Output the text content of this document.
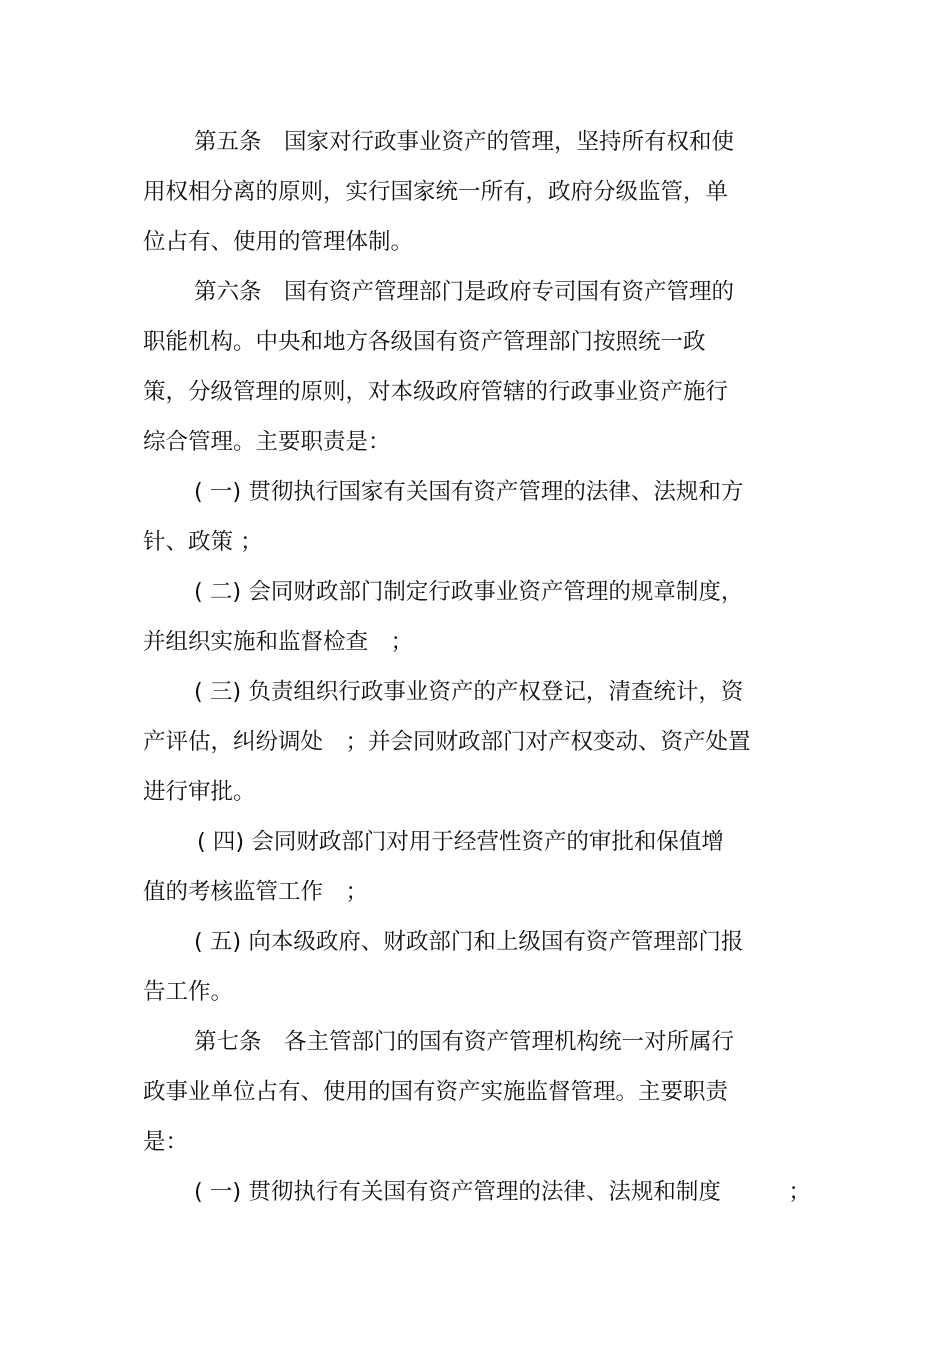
第五条　国家对行政事业资产的管理，坚持所有权和使
用权相分离的原则，实行国家统一所有，政府分级监管，单
位占有、使用的管理体制。
第六条　国有资产管理部门是政府专司国有资产管理的
职能机构。中央和地方各级国有资产管理部门按照统一政
策，分级管理的原则，对本级政府管辖的行政事业资产施行
综合管理。主要职责是：
( 一) 贯彻执行国家有关国有资产管理的法律、法规和方
针、政策 ；
( 二) 会同财政部门制定行政事业资产管理的规章制度，
并组织实施和监督检查　；
( 三) 负责组织行政事业资产的产权登记，清查统计，资
产评估，纠纷调处　；并会同财政部门对产权变动、资产处置
进行审批。
( 四) 会同财政部门对用于经营性资产的审批和保值增
值的考核监管工作　；
( 五) 向本级政府、财政部门和上级国有资产管理部门报
告工作。
第七条　各主管部门的国有资产管理机构统一对所属行
政事业单位占有、使用的国有资产实施监督管理。主要职责
是：
( 一) 贯彻执行有关国有资产管理的法律、法规和制度　　　；
